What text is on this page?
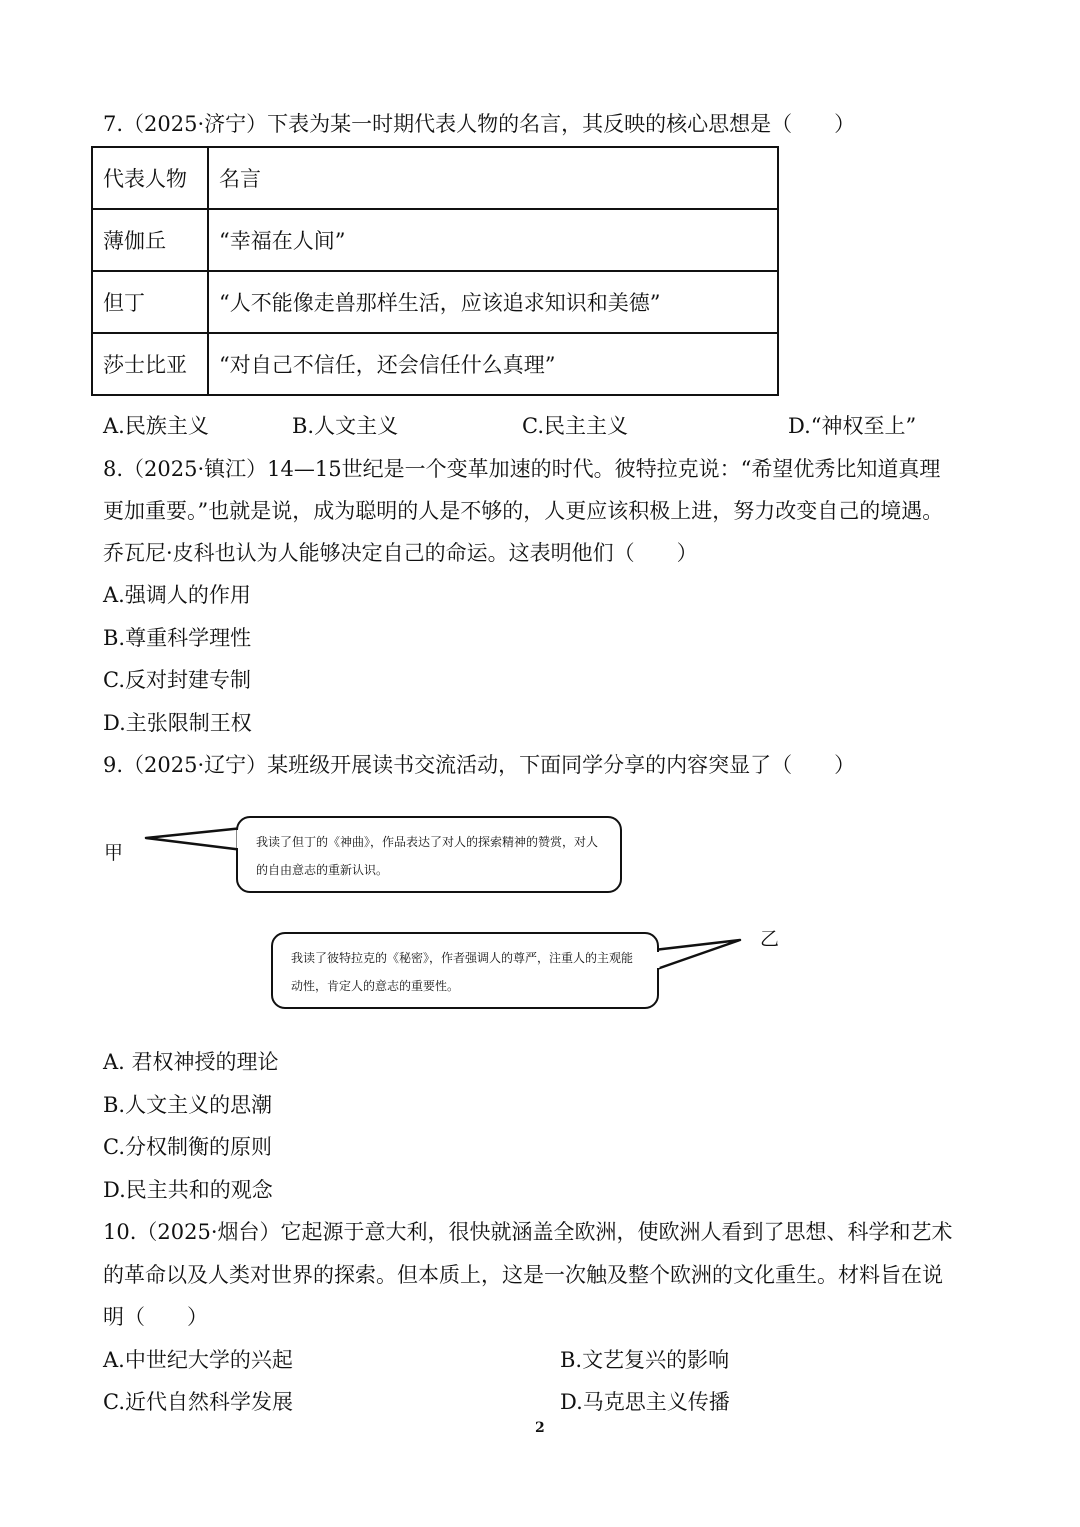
7.（2025·济宁）下表为某一时期代表人物的名言，其反映的核心思想是（　　）
代表人物	名言
薄伽丘	“幸福在人间”
但丁	“人不能像走兽那样生活，应该追求知识和美德”
莎士比亚	“对自己不信任，还会信任什么真理”
A.民族主义	B.人文主义	C.民主主义	D.“神权至上”
8.（2025·镇江）14—15世纪是一个变革加速的时代。彼特拉克说：“希望优秀比知道真理
更加重要。”也就是说，成为聪明的人是不够的，人更应该积极上进，努力改变自己的境遇。
乔瓦尼·皮科也认为人能够决定自己的命运。这表明他们（　　）
A.强调人的作用
B.尊重科学理性
C.反对封建专制
D.主张限制王权
9.（2025·辽宁）某班级开展读书交流活动，下面同学分享的内容突显了（　　）
我读了但丁的《神曲》，作品表达了对人的探索精神的赞赏，对人的自由意志的重新认识。
我读了彼特拉克的《秘密》，作者强调人的尊严，注重人的主观能动性，肯定人的意志的重要性。
甲
乙
A. 君权神授的理论
B.人文主义的思潮
C.分权制衡的原则
D.民主共和的观念
10.（2025·烟台）它起源于意大利，很快就涵盖全欧洲，使欧洲人看到了思想、科学和艺术
的革命以及人类对世界的探索。但本质上，这是一次触及整个欧洲的文化重生。材料旨在说
明（　　）
A.中世纪大学的兴起	B.文艺复兴的影响
C.近代自然科学发展	D.马克思主义传播
2
